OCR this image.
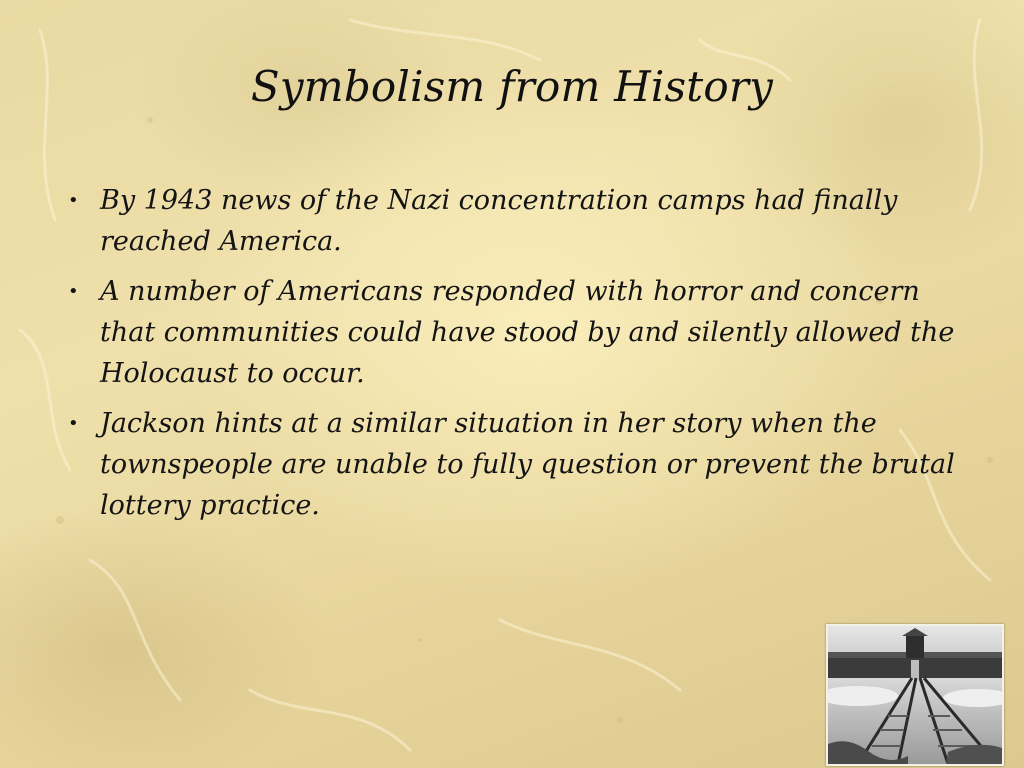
Symbolism from History
• By 1943 news of the Nazi concentration camps had finally reached America.
• A number of Americans responded with horror and concern that communities could have stood by and silently allowed the Holocaust to occur.
• Jackson hints at a similar situation in her story when the townspeople are unable to fully question or prevent the brutal lottery practice.
